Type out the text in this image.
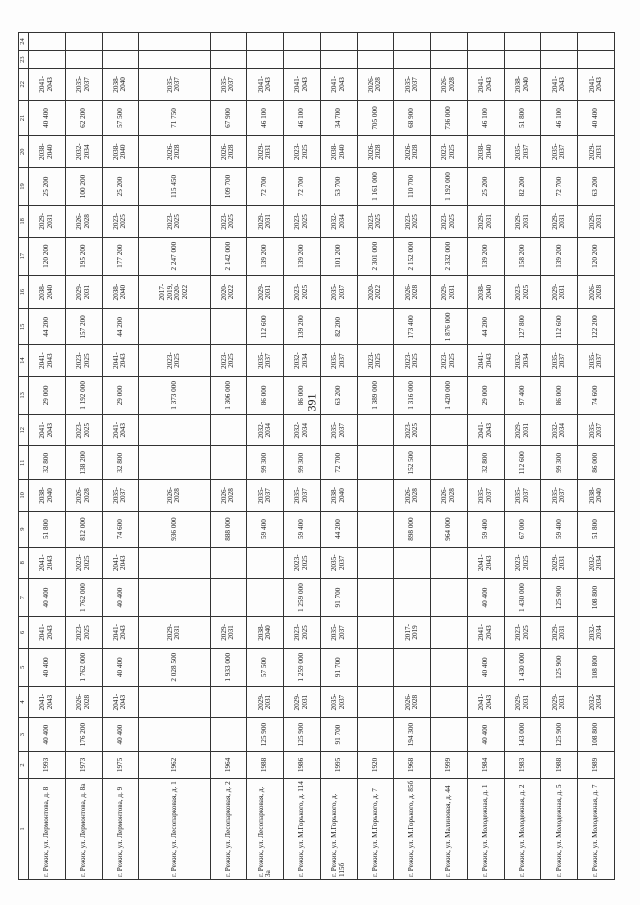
391
1	2	3	4	5	6	7	8	9	10	11	12	13	14	15	16	17	18	19	20	21	22	23	24
г. Режик, ул. Лермонтова, д. 8	1993	40 400	2041-2043	40 400	2041-2043	40 400	2041-2043	51 800	2038-2040	32 800	2041-2043	29 000	2041-2043	44 200	2038-2040	120 200	2029-2031	25 200	2038-2040	40 400	2041-2043		
г. Режик, ул. Лермонтова, д. 8а	1973	176 200	2026-2028	1 762 000	2023-2025	1 762 000	2023-2025	812 000	2026-2028	138 200	2023-2025	1 192 000	2023-2025	157 200	2029-2031	195 200	2026-2028	100 200	2032-2034	62 200	2035-2037		
г. Режик, ул. Лермонтова, д. 9	1975	40 400	2041-2043	40 400	2041-2043	40 400	2041-2043	74 600	2035-2037	32 800	2041-2043	29 000	2041-2043	44 200	2038-2040	177 200	2023-2025	25 200	2038-2040	57 500	2038-2040		
г. Режик, ул. Лесопарковая, д. 1	1962			2 028 500	2029-2031			936 000	2026-2028			1 373 000	2023-2025		2017-2019, 2020-2022	2 247 000	2023-2025	115 450	2026-2028	71 750	2035-2037		
г. Режик, ул. Лесопарковая, д. 2	1964			1 933 000	2029-2031			888 000	2026-2028			1 306 000	2023-2025		2020-2022	2 142 000	2023-2025	109 700	2026-2028	67 900	2035-2037		
г. Режик, ул. Лесопарковая, д. 3а	1988	125 900	2029-2031	57 500	2038-2040			59 400	2035-2037	99 300	2032-2034	86 000	2035-2037	112 600	2029-2031	139 200	2029-2031	72 700	2029-2031	46 100	2041-2043		
г. Режик, ул. М.Горького, д. 114	1986	125 900	2029-2031	1 259 000	2023-2025	1 259 000	2023-2025	59 400	2035-2037	99 300	2032-2034	86 000	2032-2034	139 200	2023-2025	139 200	2023-2025	72 700	2023-2025	46 100	2041-2043		
г. Режик, ул. М.Горького, д. 115б	1995	91 700	2035-2037	91 700	2035-2037	91 700	2035-2037	44 200	2038-2040	72 700	2035-2037	63 200	2035-2037	82 200	2035-2037	101 200	2032-2034	53 700	2038-2040	34 700	2041-2043		
г. Режик, ул. М.Горького, д. 7	1920											1 389 000	2023-2025		2020-2022	2 301 000	2023-2025	1 161 000	2026-2028	705 000	2026-2028		
г. Режик, ул. М.Горького, д. 85б	1968	194 300	2026-2028		2017-2019			898 000	2026-2028	152 500	2023-2025	1 316 000	2023-2025	173 400	2026-2028	2 152 000	2023-2025	110 700	2026-2028	68 900	2035-2037		
г. Режик, ул. Малиновая, д. 44	1999							964 000	2026-2028			1 420 000	2023-2025	1 876 000	2029-2031	2 332 000	2023-2025	1 192 000	2023-2025	736 000	2026-2028		
г. Режик, ул. Молодежная, д. 1	1984	40 400	2041-2043	40 400	2041-2043	40 400	2041-2043	59 400	2035-2037	32 800	2041-2043	29 000	2041-2043	44 200	2038-2040	139 200	2029-2031	25 200	2038-2040	46 100	2041-2043		
г. Режик, ул. Молодежная, д. 2	1983	143 000	2029-2031	1 430 000	2023-2025	1 430 000	2023-2025	67 000	2035-2037	112 600	2029-2031	97 400	2032-2034	127 800	2023-2025	158 200	2029-2031	82 200	2035-2037	51 800	2038-2040		
г. Режик, ул. Молодежная, д. 5	1988	125 900	2029-2031	125 900	2029-2031	125 900	2029-2031	59 400	2035-2037	99 300	2032-2034	86 000	2035-2037	112 600	2029-2031	139 200	2029-2031	72 700	2035-2037	46 100	2041-2043		
г. Режик, ул. Молодежная, д. 7	1989	108 800	2032-2034	108 800	2032-2034	108 800	2032-2034	51 800	2038-2040	86 000	2035-2037	74 600	2035-2037	122 200	2026-2028	120 200	2029-2031	63 200	2029-2031	40 400	2041-2043		
